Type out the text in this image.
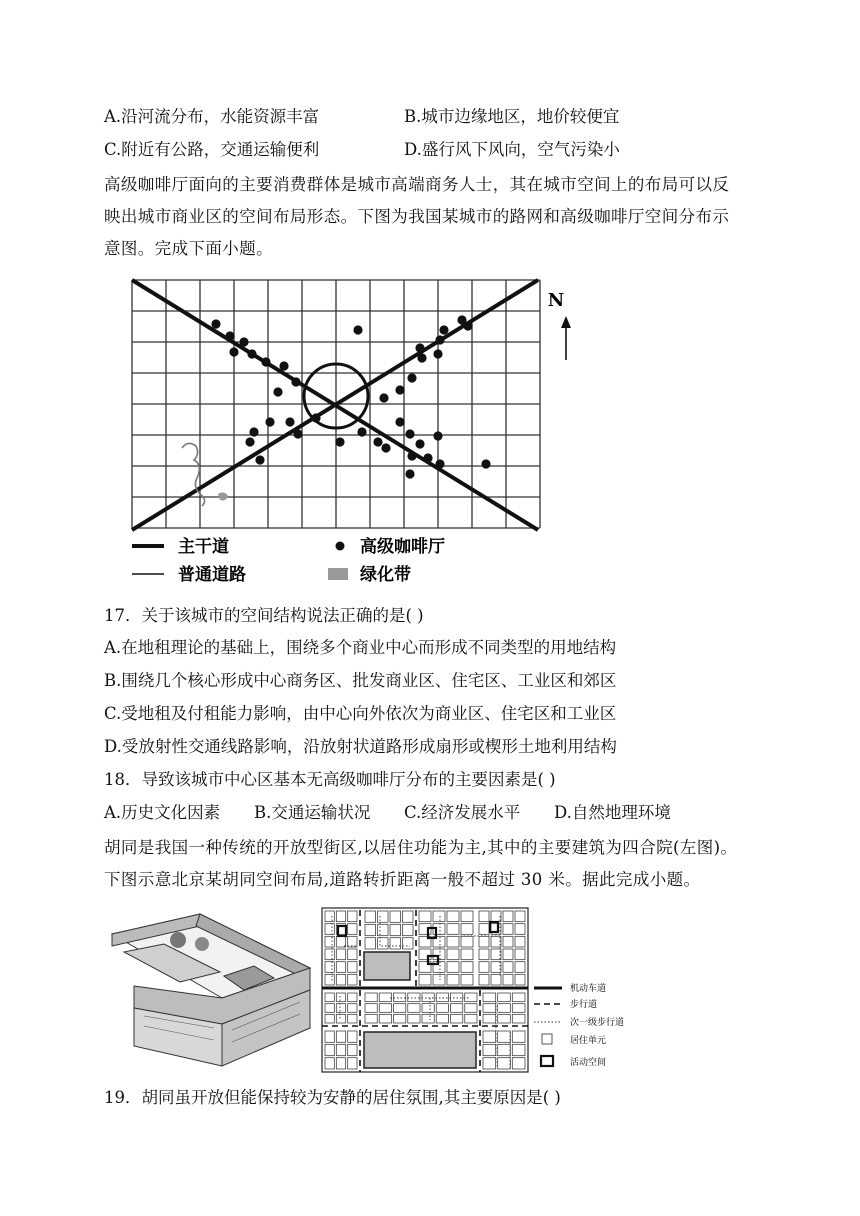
A.沿河流分布，水能资源丰富	B.城市边缘地区，地价较便宜
C.附近有公路，交通运输便利	D.盛行风下风向，空气污染小
高级咖啡厅面向的主要消费群体是城市高端商务人士，其在城市空间上的布局可以反
映出城市商业区的空间布局形态。下图为我国某城市的路网和高级咖啡厅空间分布示
意图。完成下面小题。
N
主干道	高级咖啡厅
普通道路	绿化带
17．关于该城市的空间结构说法正确的是( )
A.在地租理论的基础上，围绕多个商业中心而形成不同类型的用地结构
B.围绕几个核心形成中心商务区、批发商业区、住宅区、工业区和郊区
C.受地租及付租能力影响，由中心向外依次为商业区、住宅区和工业区
D.受放射性交通线路影响，沿放射状道路形成扇形或楔形土地利用结构
18．导致该城市中心区基本无高级咖啡厅分布的主要因素是( )
A.历史文化因素 B.交通运输状况 C.经济发展水平 D.自然地理环境
胡同是我国一种传统的开放型街区,以居住功能为主,其中的主要建筑为四合院(左图)。
下图示意北京某胡同空间布局,道路转折距离一般不超过 30 米。据此完成小题。
机动车道
步行道
次一级步行道
居住单元
活动空间
19．胡同虽开放但能保持较为安静的居住氛围,其主要原因是( )
